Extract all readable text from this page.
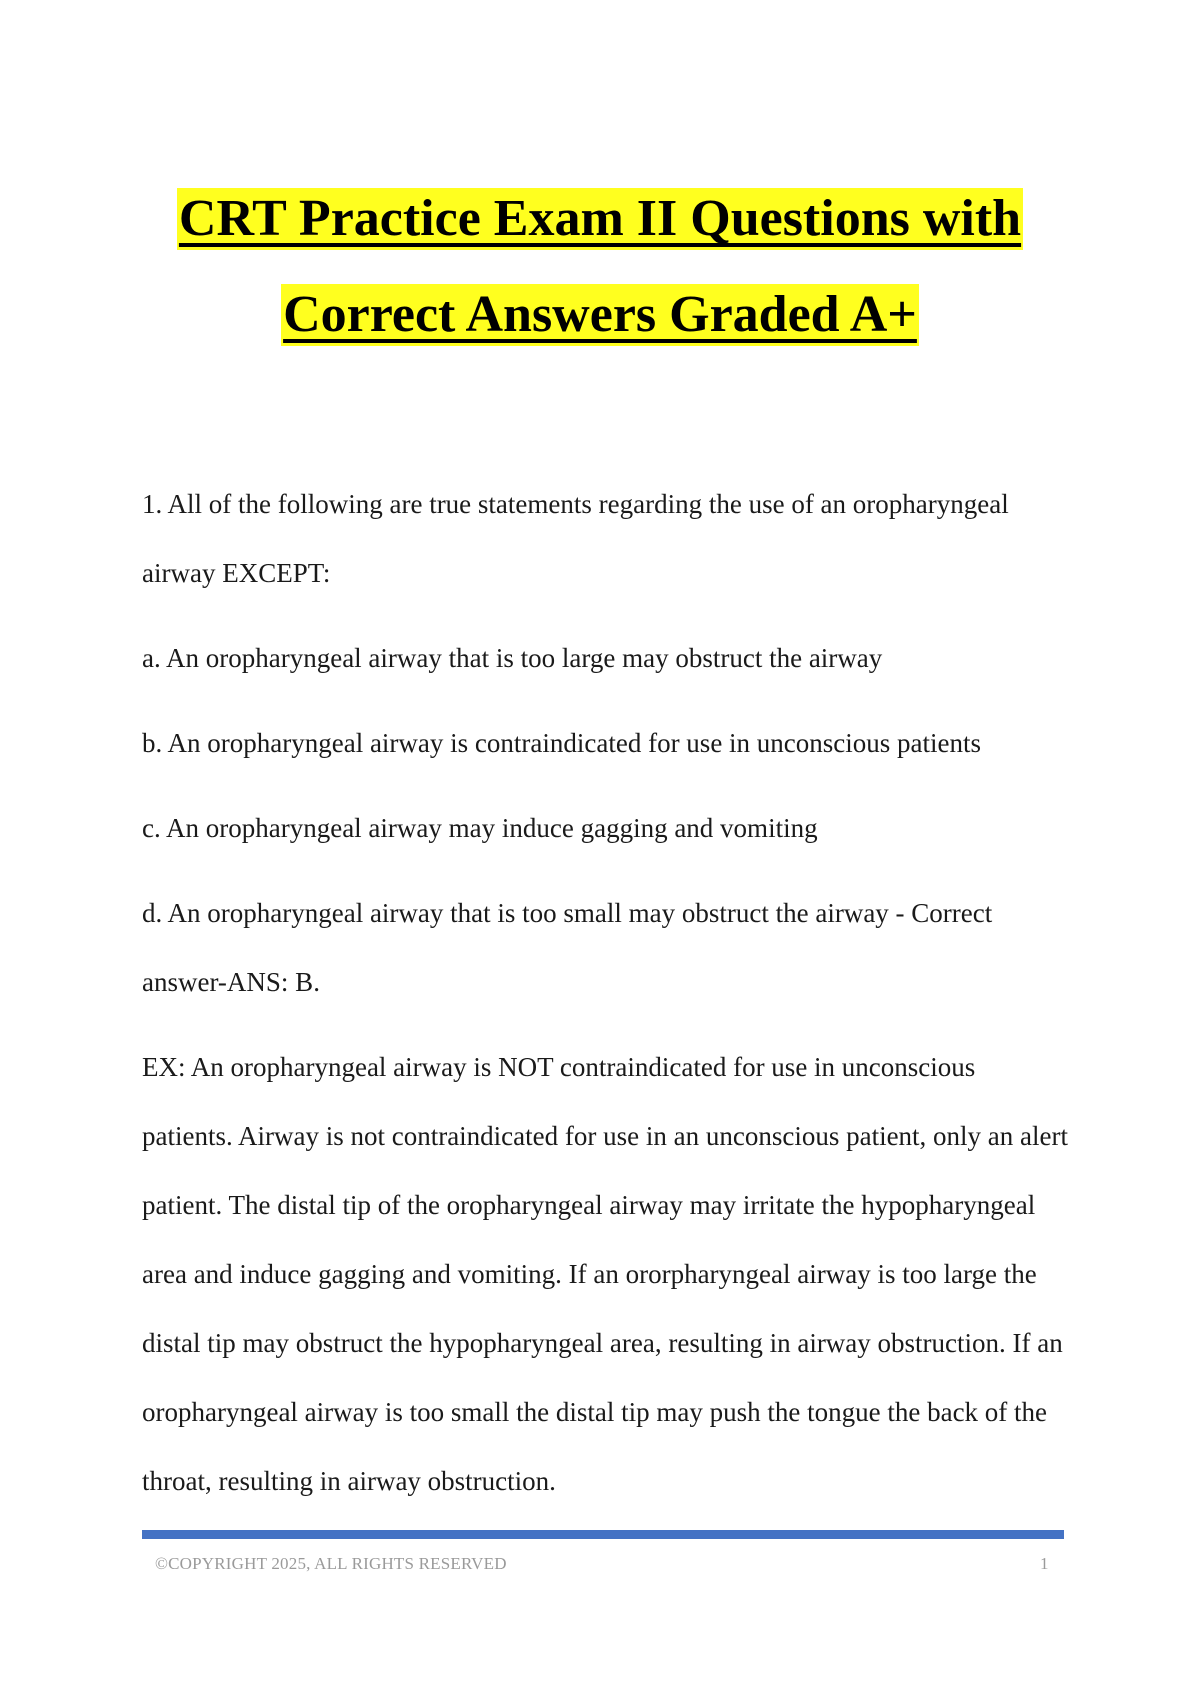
CRT Practice Exam II Questions with
Correct Answers Graded A+

1. All of the following are true statements regarding the use of an oropharyngeal airway EXCEPT:

a. An oropharyngeal airway that is too large may obstruct the airway

b. An oropharyngeal airway is contraindicated for use in unconscious patients

c. An oropharyngeal airway may induce gagging and vomiting

d. An oropharyngeal airway that is too small may obstruct the airway - Correct answer-ANS: B.

EX: An oropharyngeal airway is NOT contraindicated for use in unconscious patients. Airway is not contraindicated for use in an unconscious patient, only an alert patient. The distal tip of the oropharyngeal airway may irritate the hypopharyngeal area and induce gagging and vomiting. If an ororpharyngeal airway is too large the distal tip may obstruct the hypopharyngeal area, resulting in airway obstruction. If an oropharyngeal airway is too small the distal tip may push the tongue the back of the throat, resulting in airway obstruction.

©COPYRIGHT 2025, ALL RIGHTS RESERVED	1
